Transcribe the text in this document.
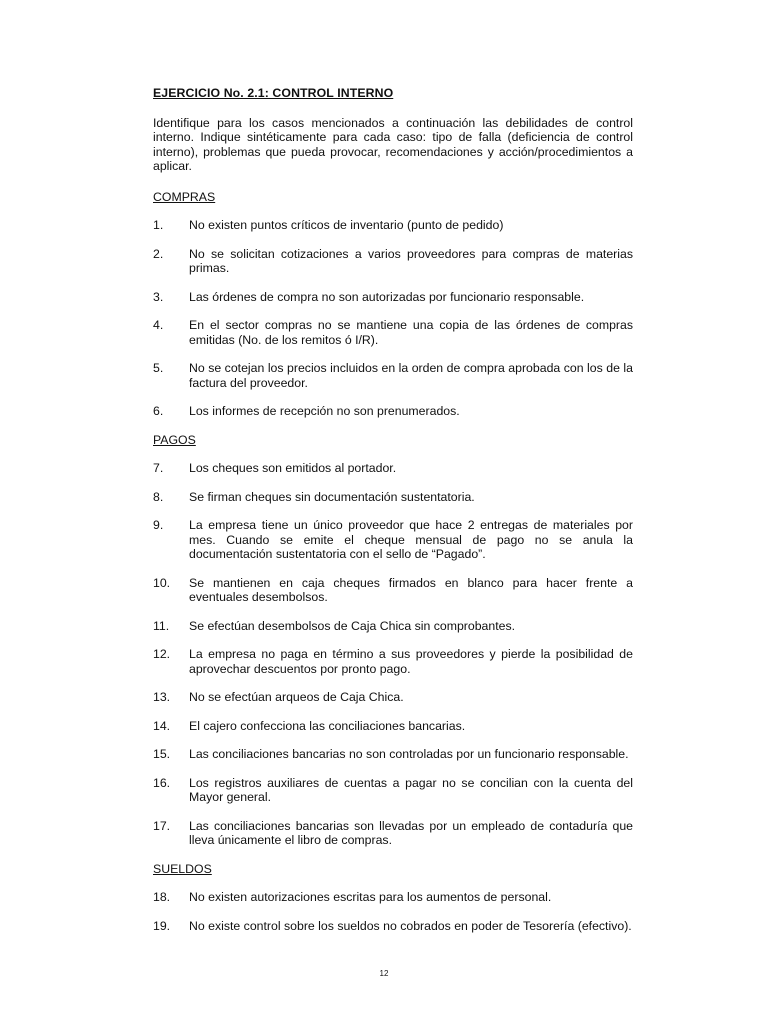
EJERCICIO No. 2.1: CONTROL INTERNO
Identifique para los casos mencionados a continuación las debilidades de control interno. Indique sintéticamente para cada caso: tipo de falla (deficiencia de control interno), problemas que pueda provocar, recomendaciones y acción/procedimientos a aplicar.
COMPRAS
1.	No existen puntos críticos de inventario (punto de pedido)
2.	No se solicitan cotizaciones a varios proveedores para compras de materias primas.
3.	Las órdenes de compra no son autorizadas por funcionario responsable.
4.	En el sector compras no se mantiene una copia de las órdenes de compras emitidas (No. de los remitos ó I/R).
5.	No se cotejan los precios incluidos en la orden de compra aprobada con los de la factura del proveedor.
6.	Los informes de recepción no son prenumerados.
PAGOS
7.	Los cheques son emitidos al portador.
8.	Se firman cheques sin documentación sustentatoria.
9.	La empresa tiene un único proveedor que hace 2 entregas de materiales por mes. Cuando se emite el cheque mensual de pago no se anula la documentación sustentatoria con el sello de “Pagado”.
10.	Se mantienen en caja cheques firmados en blanco para hacer frente a eventuales desembolsos.
11.	Se efectúan desembolsos de Caja Chica sin comprobantes.
12.	La empresa no paga en término a sus proveedores y pierde la posibilidad de aprovechar descuentos por pronto pago.
13.	No se efectúan arqueos de Caja Chica.
14.	El cajero confecciona las conciliaciones bancarias.
15.	Las conciliaciones bancarias no son controladas por un funcionario responsable.
16.	Los registros auxiliares de cuentas a pagar no se concilian con la cuenta del Mayor general.
17.	Las conciliaciones bancarias son llevadas por un empleado de contaduría que lleva únicamente el libro de compras.
SUELDOS
18.	No existen autorizaciones escritas para los aumentos de personal.
19.	No existe control sobre los sueldos no cobrados en poder de Tesorería (efectivo).
12
